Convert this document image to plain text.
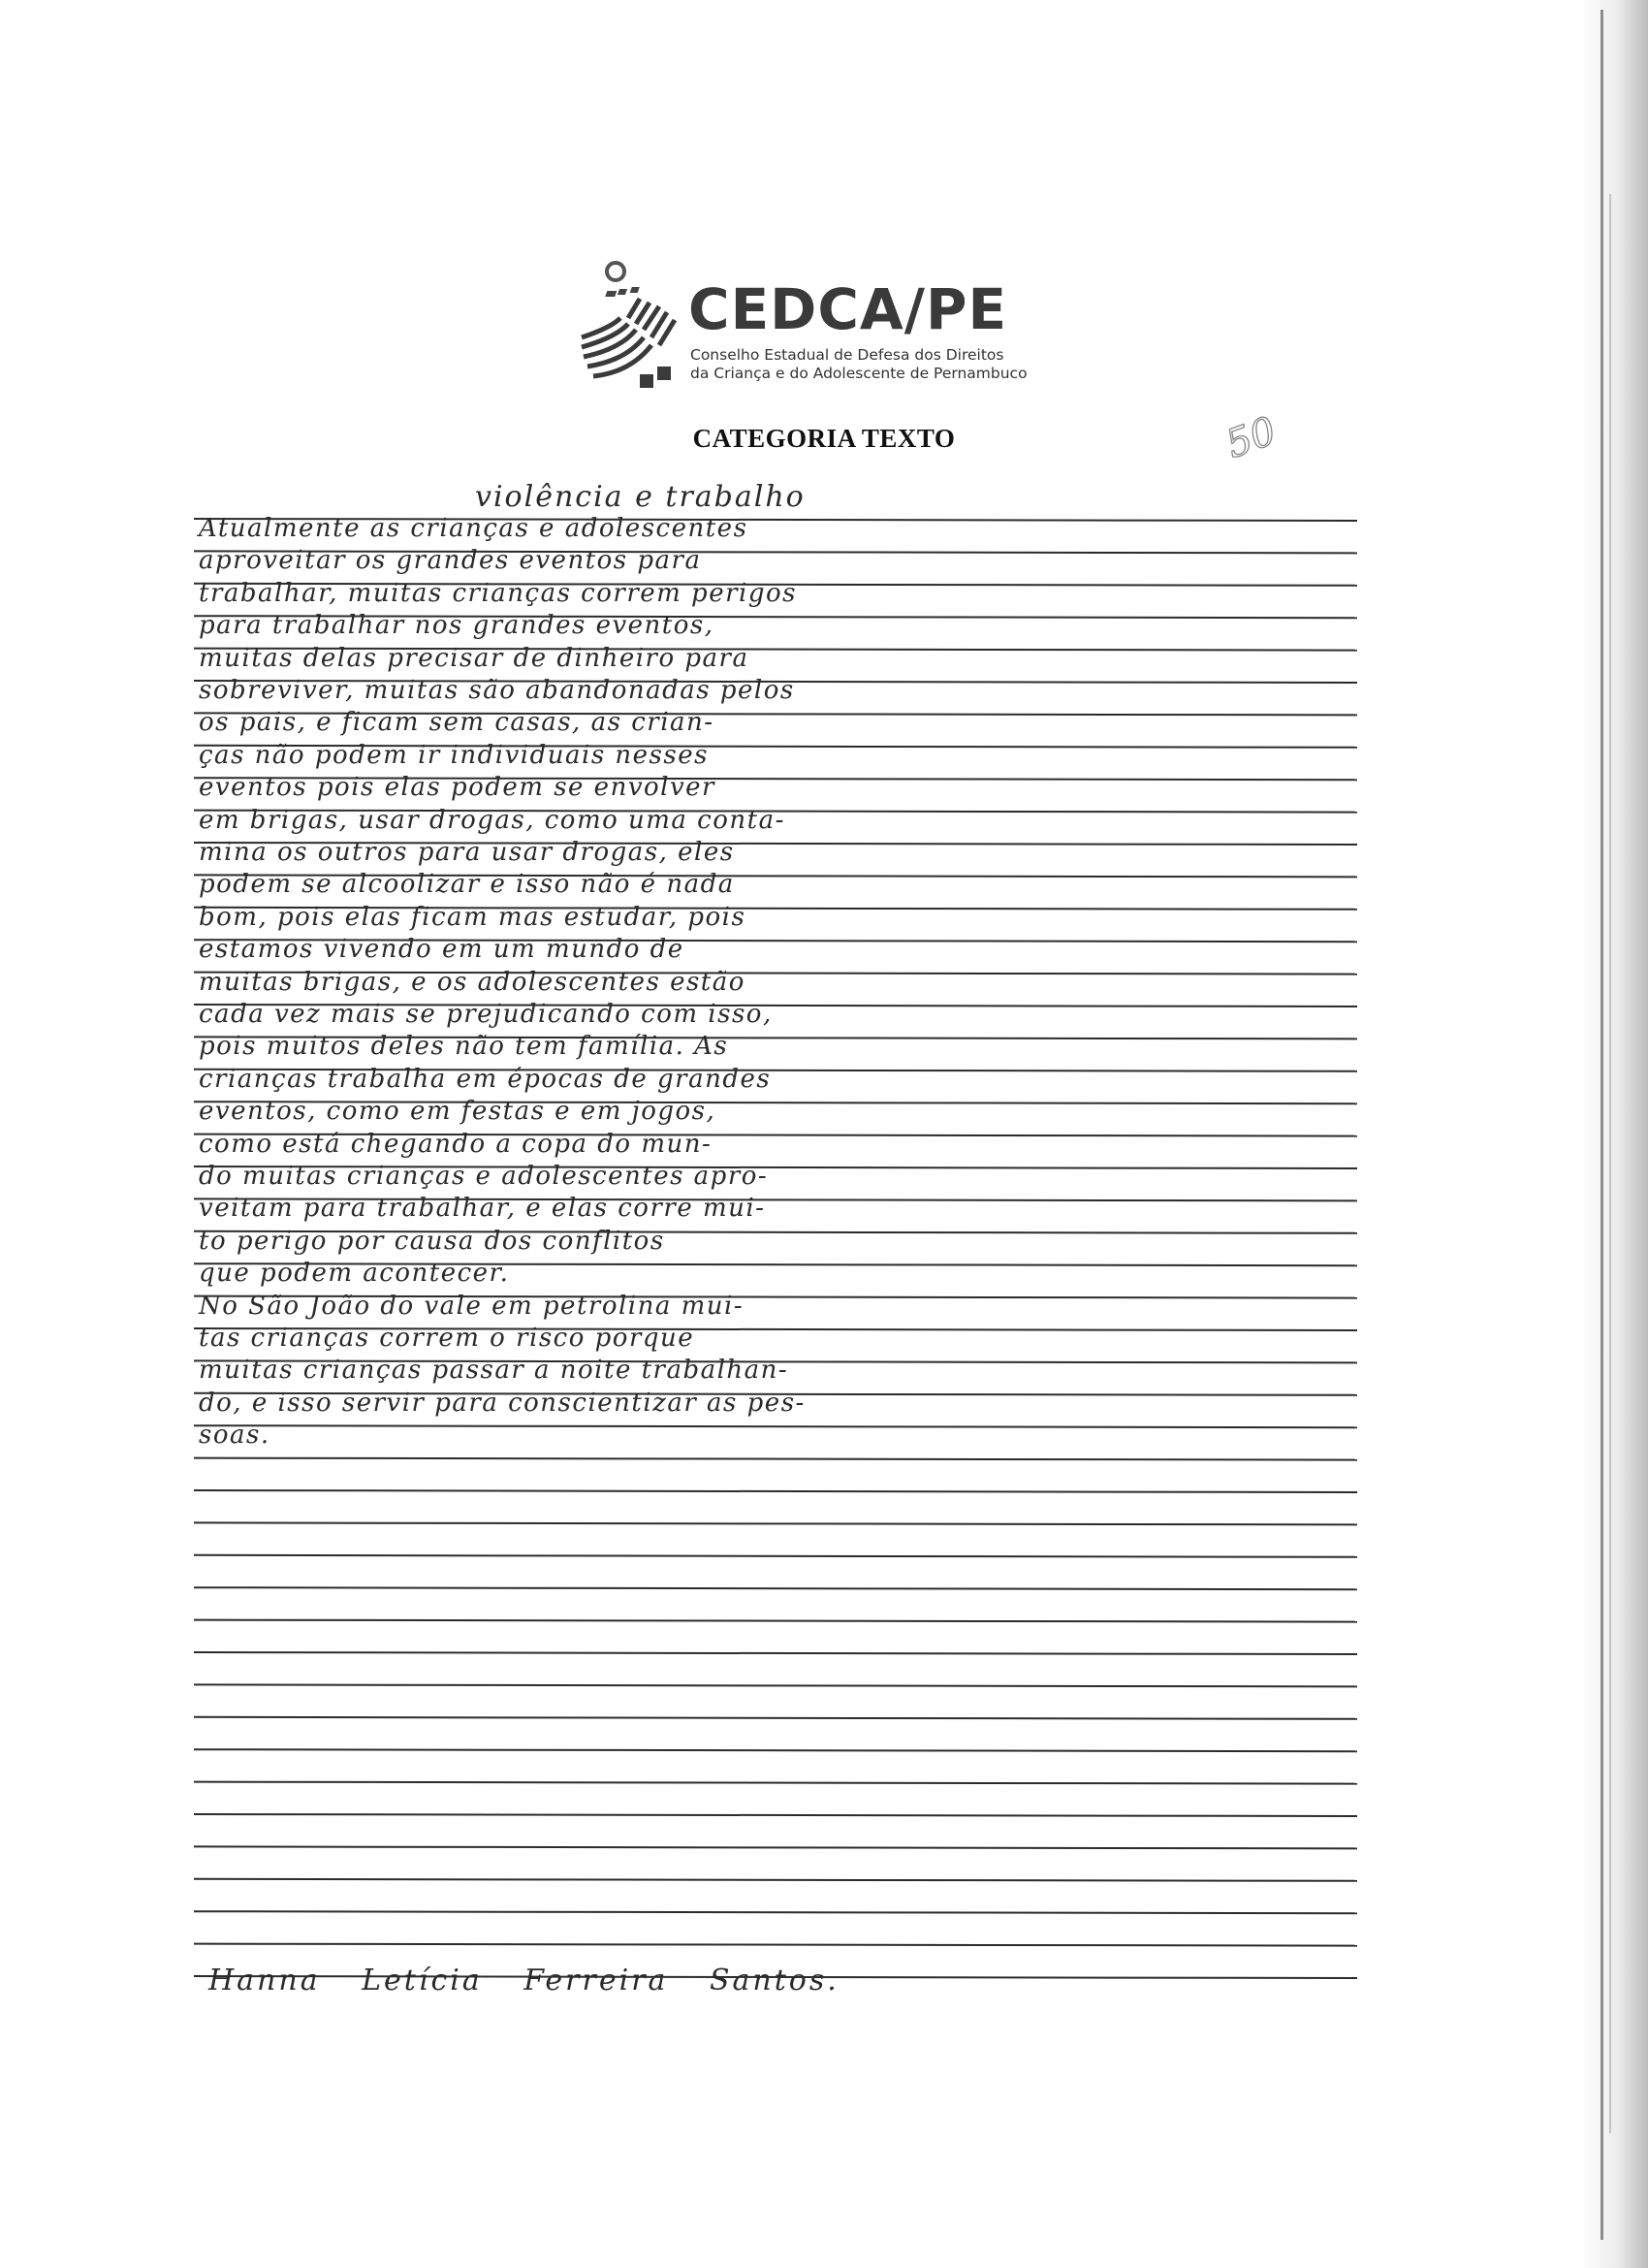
CEDCA/PE
Conselho Estadual de Defesa dos Direitos
da Criança e do Adolescente de Pernambuco
50
CATEGORIA TEXTO
violência e trabalho
Atualmente as crianças e adolescentes
aproveitar os grandes eventos para
trabalhar, muitas crianças correm perigos
para trabalhar nos grandes eventos,
muitas delas precisar de dinheiro para
sobreviver, muitas são abandonadas pelos
os pais, e ficam sem casas, as crian-
ças não podem ir individuais nesses
eventos pois elas podem se envolver
em brigas, usar drogas, como uma conta-
mina os outros para usar drogas, eles
podem se alcoolizar e isso não é nada
bom, pois elas ficam mas estudar, pois
estamos vivendo em um mundo de
muitas brigas, e os adolescentes estão
cada vez mais se prejudicando com isso,
pois muitos deles não tem família. As
crianças trabalha em épocas de grandes
eventos, como em festas e em jogos,
como está chegando a copa do mun-
do muitas crianças e adolescentes apro-
veitam para trabalhar, e elas corre mui-
to perigo por causa dos conflitos
que podem acontecer.
No São João do vale em petrolina mui-
tas crianças correm o risco porque
muitas crianças passar a noite trabalhan-
do, e isso servir para conscientizar as pes-
soas.
Hanna Letícia Ferreira Santos.
